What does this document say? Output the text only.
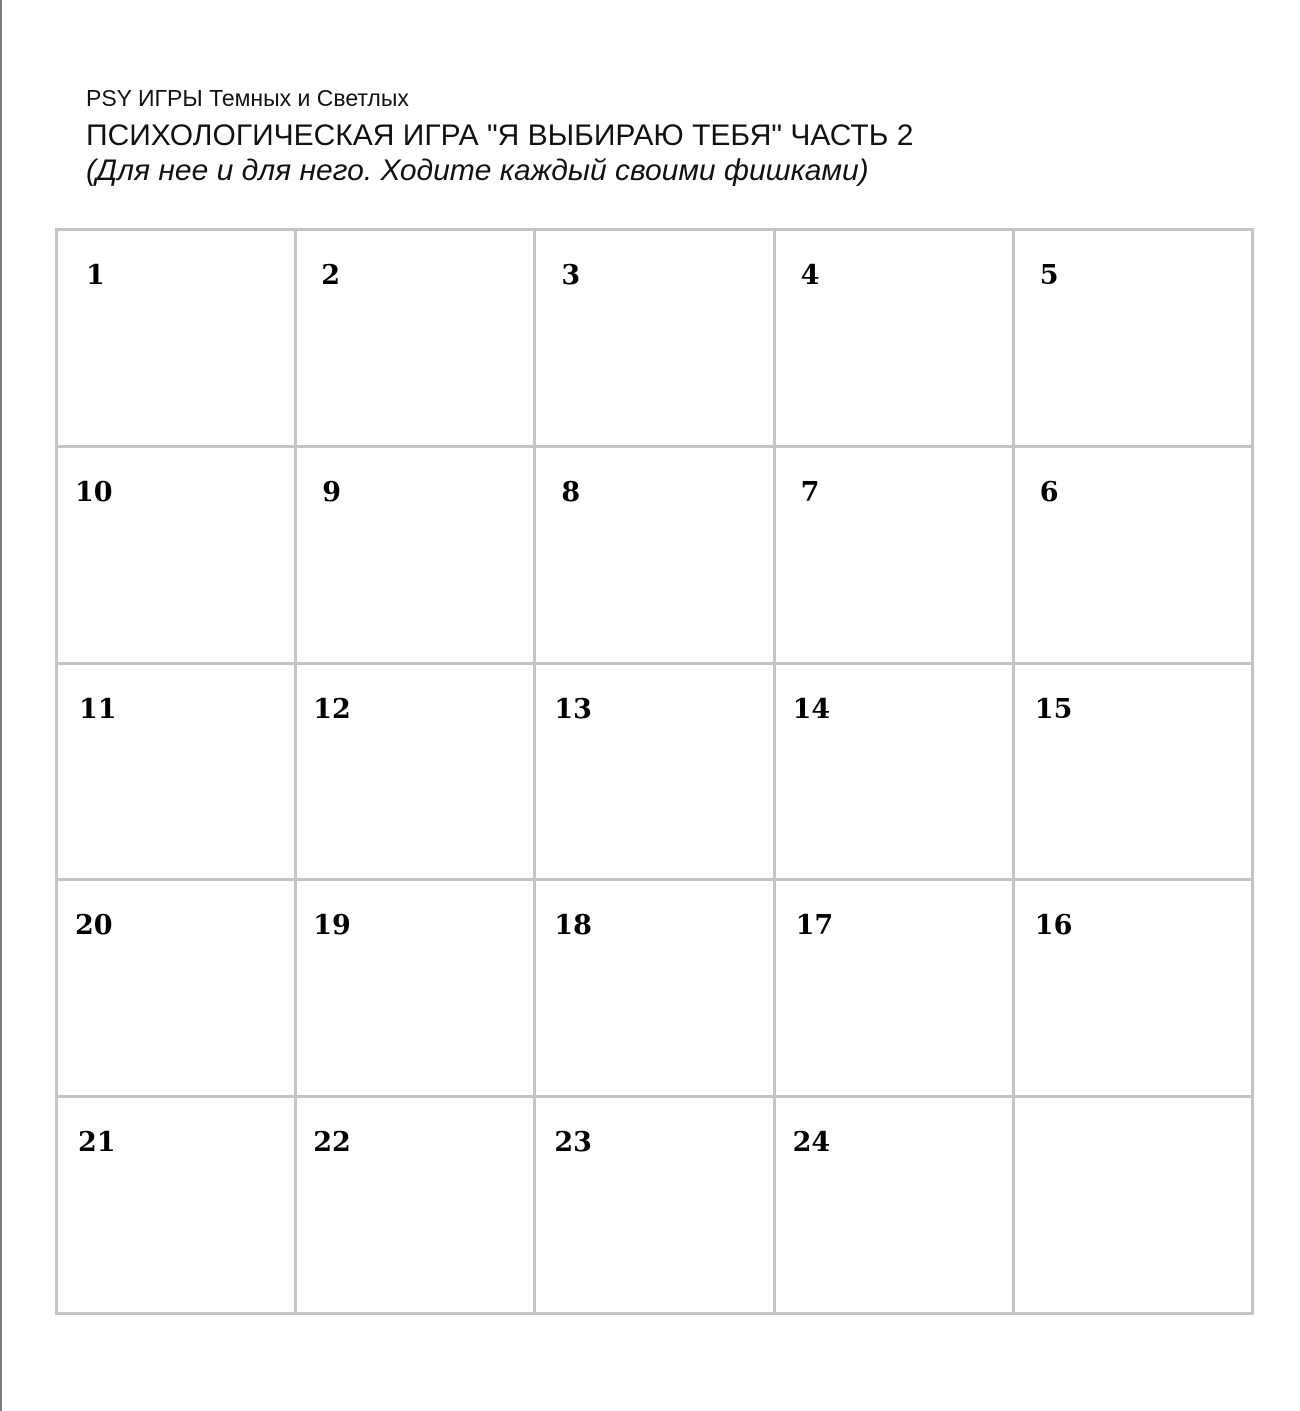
PSY ИГРЫ Темных и Светлых
ПСИХОЛОГИЧЕСКАЯ ИГРА "Я ВЫБИРАЮ ТЕБЯ" ЧАСТЬ 2
(Для нее и для него. Ходите каждый своими фишками)
1	2	3	4	5
10	9	8	7	6
11	12	13	14	15
20	19	18	17	16
21	22	23	24
